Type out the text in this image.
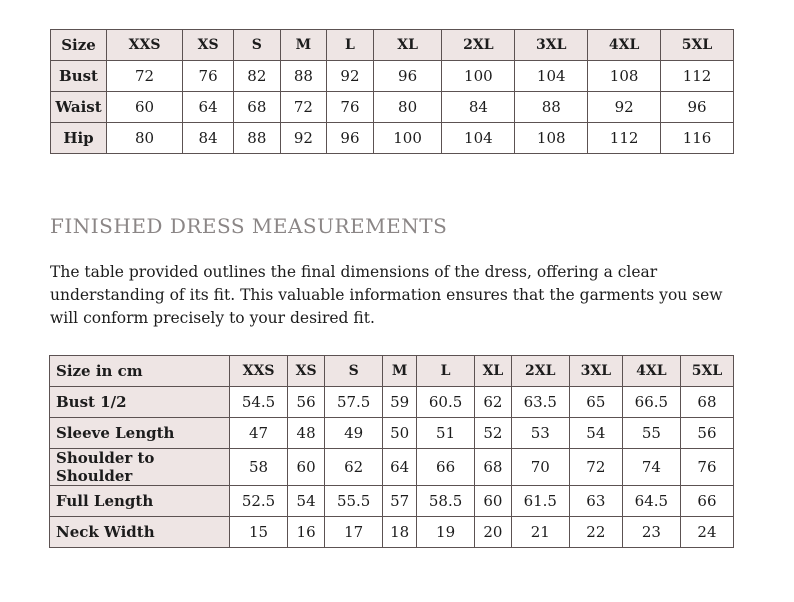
Size	XXS	XS	S	M	L	XL	2XL	3XL	4XL	5XL
Bust	72	76	82	88	92	96	100	104	108	112
Waist	60	64	68	72	76	80	84	88	92	96
Hip	80	84	88	92	96	100	104	108	112	116
FINISHED DRESS MEASUREMENTS

The table provided outlines the final dimensions of the dress, offering a clear understanding of its fit. This valuable information ensures that the garments you sew will conform precisely to your desired fit.

Size in cm	XXS	XS	S	M	L	XL	2XL	3XL	4XL	5XL
Bust 1/2	54.5	56	57.5	59	60.5	62	63.5	65	66.5	68
Sleeve Length	47	48	49	50	51	52	53	54	55	56
Shoulder to Shoulder	58	60	62	64	66	68	70	72	74	76
Full Length	52.5	54	55.5	57	58.5	60	61.5	63	64.5	66
Neck Width	15	16	17	18	19	20	21	22	23	24
